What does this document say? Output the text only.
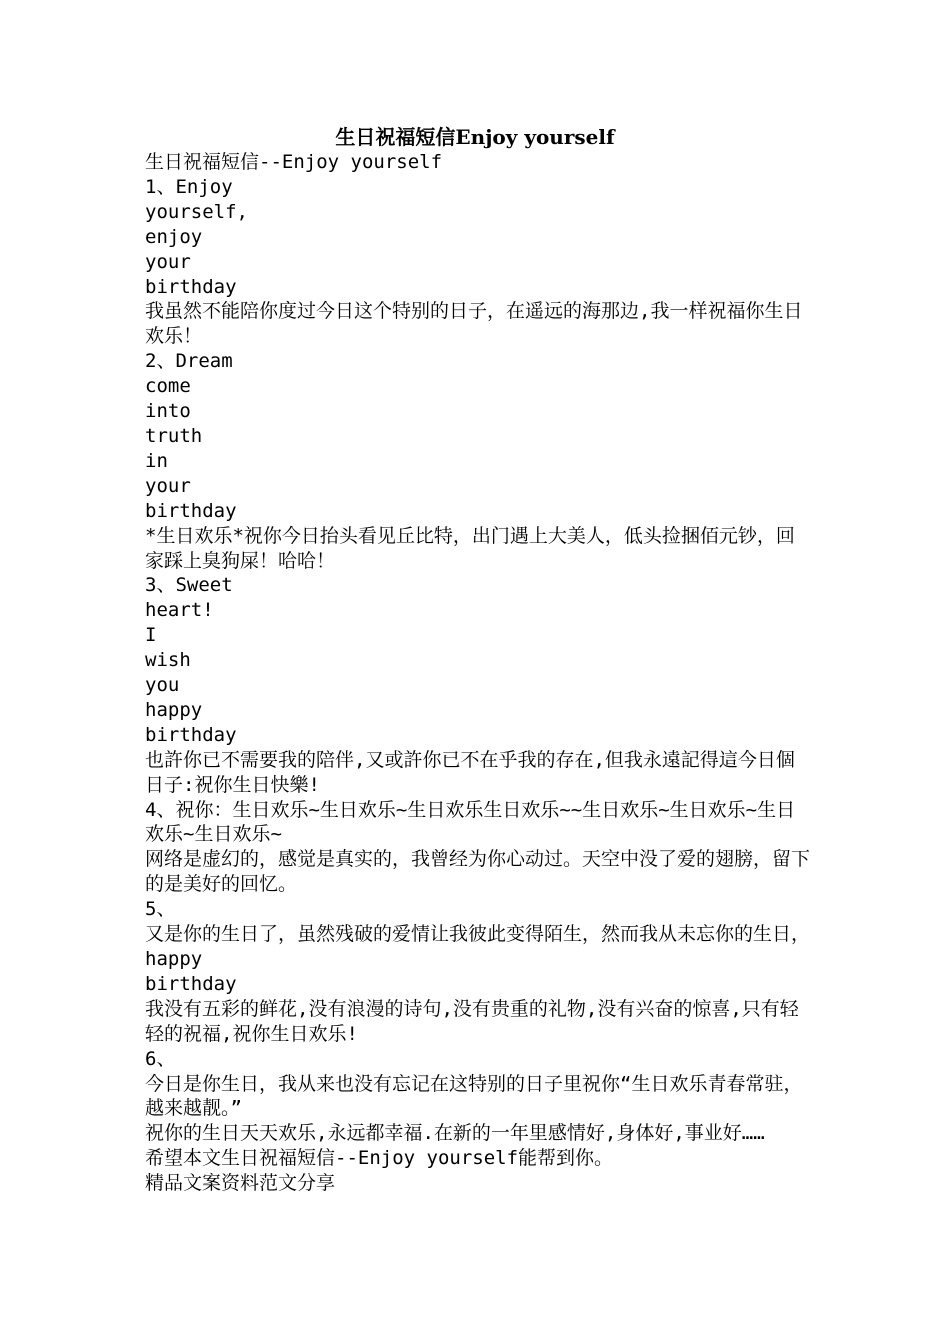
生日祝福短信Enjoy yourself
生日祝福短信--Enjoy yourself
1、Enjoy
yourself,
enjoy
your
birthday
我虽然不能陪你度过今日这个特别的日子，在遥远的海那边,我一样祝福你生日欢乐！
2、Dream
come
into
truth
in
your
birthday
*生日欢乐*祝你今日抬头看见丘比特，出门遇上大美人，低头捡捆佰元钞，回家踩上臭狗屎！哈哈！
3、Sweet
heart!
I
wish
you
happy
birthday
也許你已不需要我的陪伴,又或許你已不在乎我的存在,但我永遠記得這今日個日子:祝你生日快樂!
4、祝你：生日欢乐~生日欢乐~生日欢乐生日欢乐~~生日欢乐~生日欢乐~生日欢乐~生日欢乐~
网络是虚幻的，感觉是真实的，我曾经为你心动过。天空中没了爱的翅膀，留下的是美好的回忆。
5、
又是你的生日了，虽然残破的爱情让我彼此变得陌生，然而我从未忘你的生日，happy
birthday
我没有五彩的鲜花,没有浪漫的诗句,没有贵重的礼物,没有兴奋的惊喜,只有轻轻的祝福,祝你生日欢乐!
6、
今日是你生日，我从来也没有忘记在这特别的日子里祝你“生日欢乐青春常驻，越来越靓。”
祝你的生日天天欢乐,永远都幸福.在新的一年里感情好,身体好,事业好……
希望本文生日祝福短信--Enjoy yourself能帮到你。
精品文案资料范文分享
